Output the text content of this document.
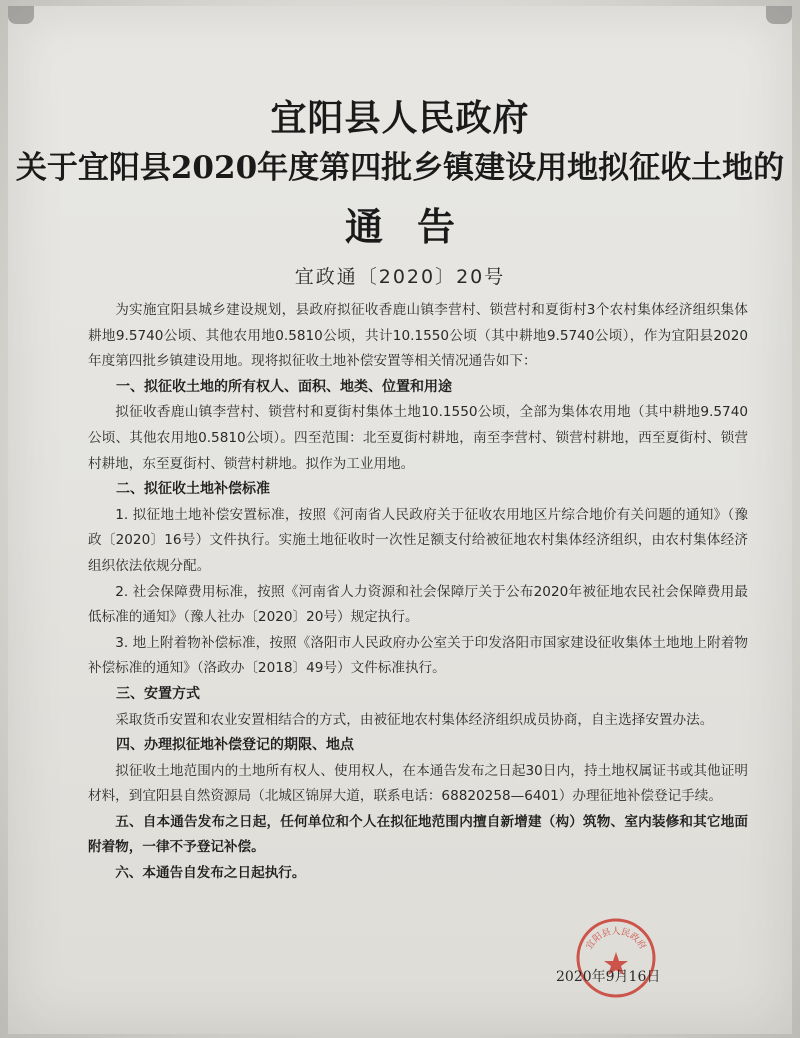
宜阳县人民政府
关于宜阳县2020年度第四批乡镇建设用地拟征收土地的
通告
宜政通〔2020〕20号

为实施宜阳县城乡建设规划，县政府拟征收香鹿山镇李营村、锁营村和夏街村3个农村集体经济组织集体耕地9.5740公顷、其他农用地0.5810公顷，共计10.1550公顷（其中耕地9.5740公顷），作为宜阳县2020年度第四批乡镇建设用地。现将拟征收土地补偿安置等相关情况通告如下：

一、拟征收土地的所有权人、面积、地类、位置和用途

拟征收香鹿山镇李营村、锁营村和夏街村集体土地10.1550公顷，全部为集体农用地（其中耕地9.5740公顷、其他农用地0.5810公顷）。四至范围：北至夏街村耕地，南至李营村、锁营村耕地，西至夏街村、锁营村耕地，东至夏街村、锁营村耕地。拟作为工业用地。

二、拟征收土地补偿标准

1. 拟征地土地补偿安置标准，按照《河南省人民政府关于征收农用地区片综合地价有关问题的通知》（豫政〔2020〕16号）文件执行。实施土地征收时一次性足额支付给被征地农村集体经济组织，由农村集体经济组织依法依规分配。

2. 社会保障费用标准，按照《河南省人力资源和社会保障厅关于公布2020年被征地农民社会保障费用最低标准的通知》（豫人社办〔2020〕20号）规定执行。

3. 地上附着物补偿标准，按照《洛阳市人民政府办公室关于印发洛阳市国家建设征收集体土地地上附着物补偿标准的通知》（洛政办〔2018〕49号）文件标准执行。

三、安置方式

采取货币安置和农业安置相结合的方式，由被征地农村集体经济组织成员协商，自主选择安置办法。

四、办理拟征地补偿登记的期限、地点

拟征收土地范围内的土地所有权人、使用权人，在本通告发布之日起30日内，持土地权属证书或其他证明材料，到宜阳县自然资源局（北城区锦屏大道，联系电话：68820258—6401）办理征地补偿登记手续。

五、自本通告发布之日起，任何单位和个人在拟征地范围内擅自新增建（构）筑物、室内装修和其它地面附着物，一律不予登记补偿。

六、本通告自发布之日起执行。

宜阳县人民政府
2020年9月16日
